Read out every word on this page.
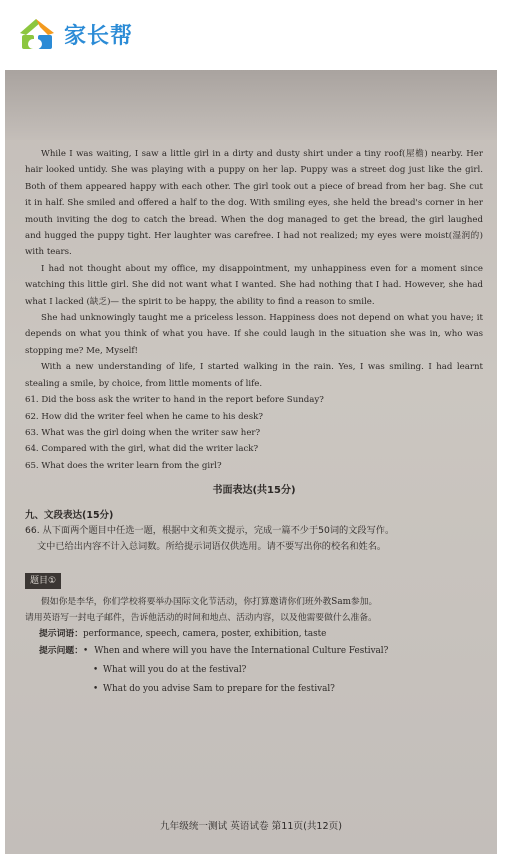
家长帮

While I was waiting, I saw a little girl in a dirty and dusty shirt under a tiny roof(屋檐) nearby. Her hair looked untidy. She was playing with a puppy on her lap. Puppy was a street dog just like the girl. Both of them appeared happy with each other. The girl took out a piece of bread from her bag. She cut it in half. She smiled and offered a half to the dog. With smiling eyes, she held the bread's corner in her mouth inviting the dog to catch the bread. When the dog managed to get the bread, the girl laughed and hugged the puppy tight. Her laughter was carefree. I had not realized; my eyes were moist(湿润的) with tears.

I had not thought about my office, my disappointment, my unhappiness even for a moment since watching this little girl. She did not want what I wanted. She had nothing that I had. However, she had what I lacked (缺乏)— the spirit to be happy, the ability to find a reason to smile.

She had unknowingly taught me a priceless lesson. Happiness does not depend on what you have; it depends on what you think of what you have. If she could laugh in the situation she was in, who was stopping me? Me, Myself!

With a new understanding of life, I started walking in the rain. Yes, I was smiling. I had learnt stealing a smile, by choice, from little moments of life.

61. Did the boss ask the writer to hand in the report before Sunday?
62. How did the writer feel when he came to his desk?
63. What was the girl doing when the writer saw her?
64. Compared with the girl, what did the writer lack?
65. What does the writer learn from the girl?
书面表达(共15分)
九、文段表达(15分)
66. 从下面两个题目中任选一题，根据中文和英文提示，完成一篇不少于50词的文段写作。
文中已给出内容不计入总词数。所给提示词语仅供选用。请不要写出你的校名和姓名。
题目①

假如你是李华，你们学校将要举办国际文化节活动，你打算邀请你们班外教Sam参加。

请用英语写一封电子邮件，告诉他活动的时间和地点、活动内容，以及他需要做什么准备。

提示词语：performance, speech, camera, poster, exhibition, taste
提示问题：• When and where will you have the International Culture Festival?
• What will you do at the festival?
• What do you advise Sam to prepare for the festival?
九年级统一测试 英语试卷 第11页(共12页)
